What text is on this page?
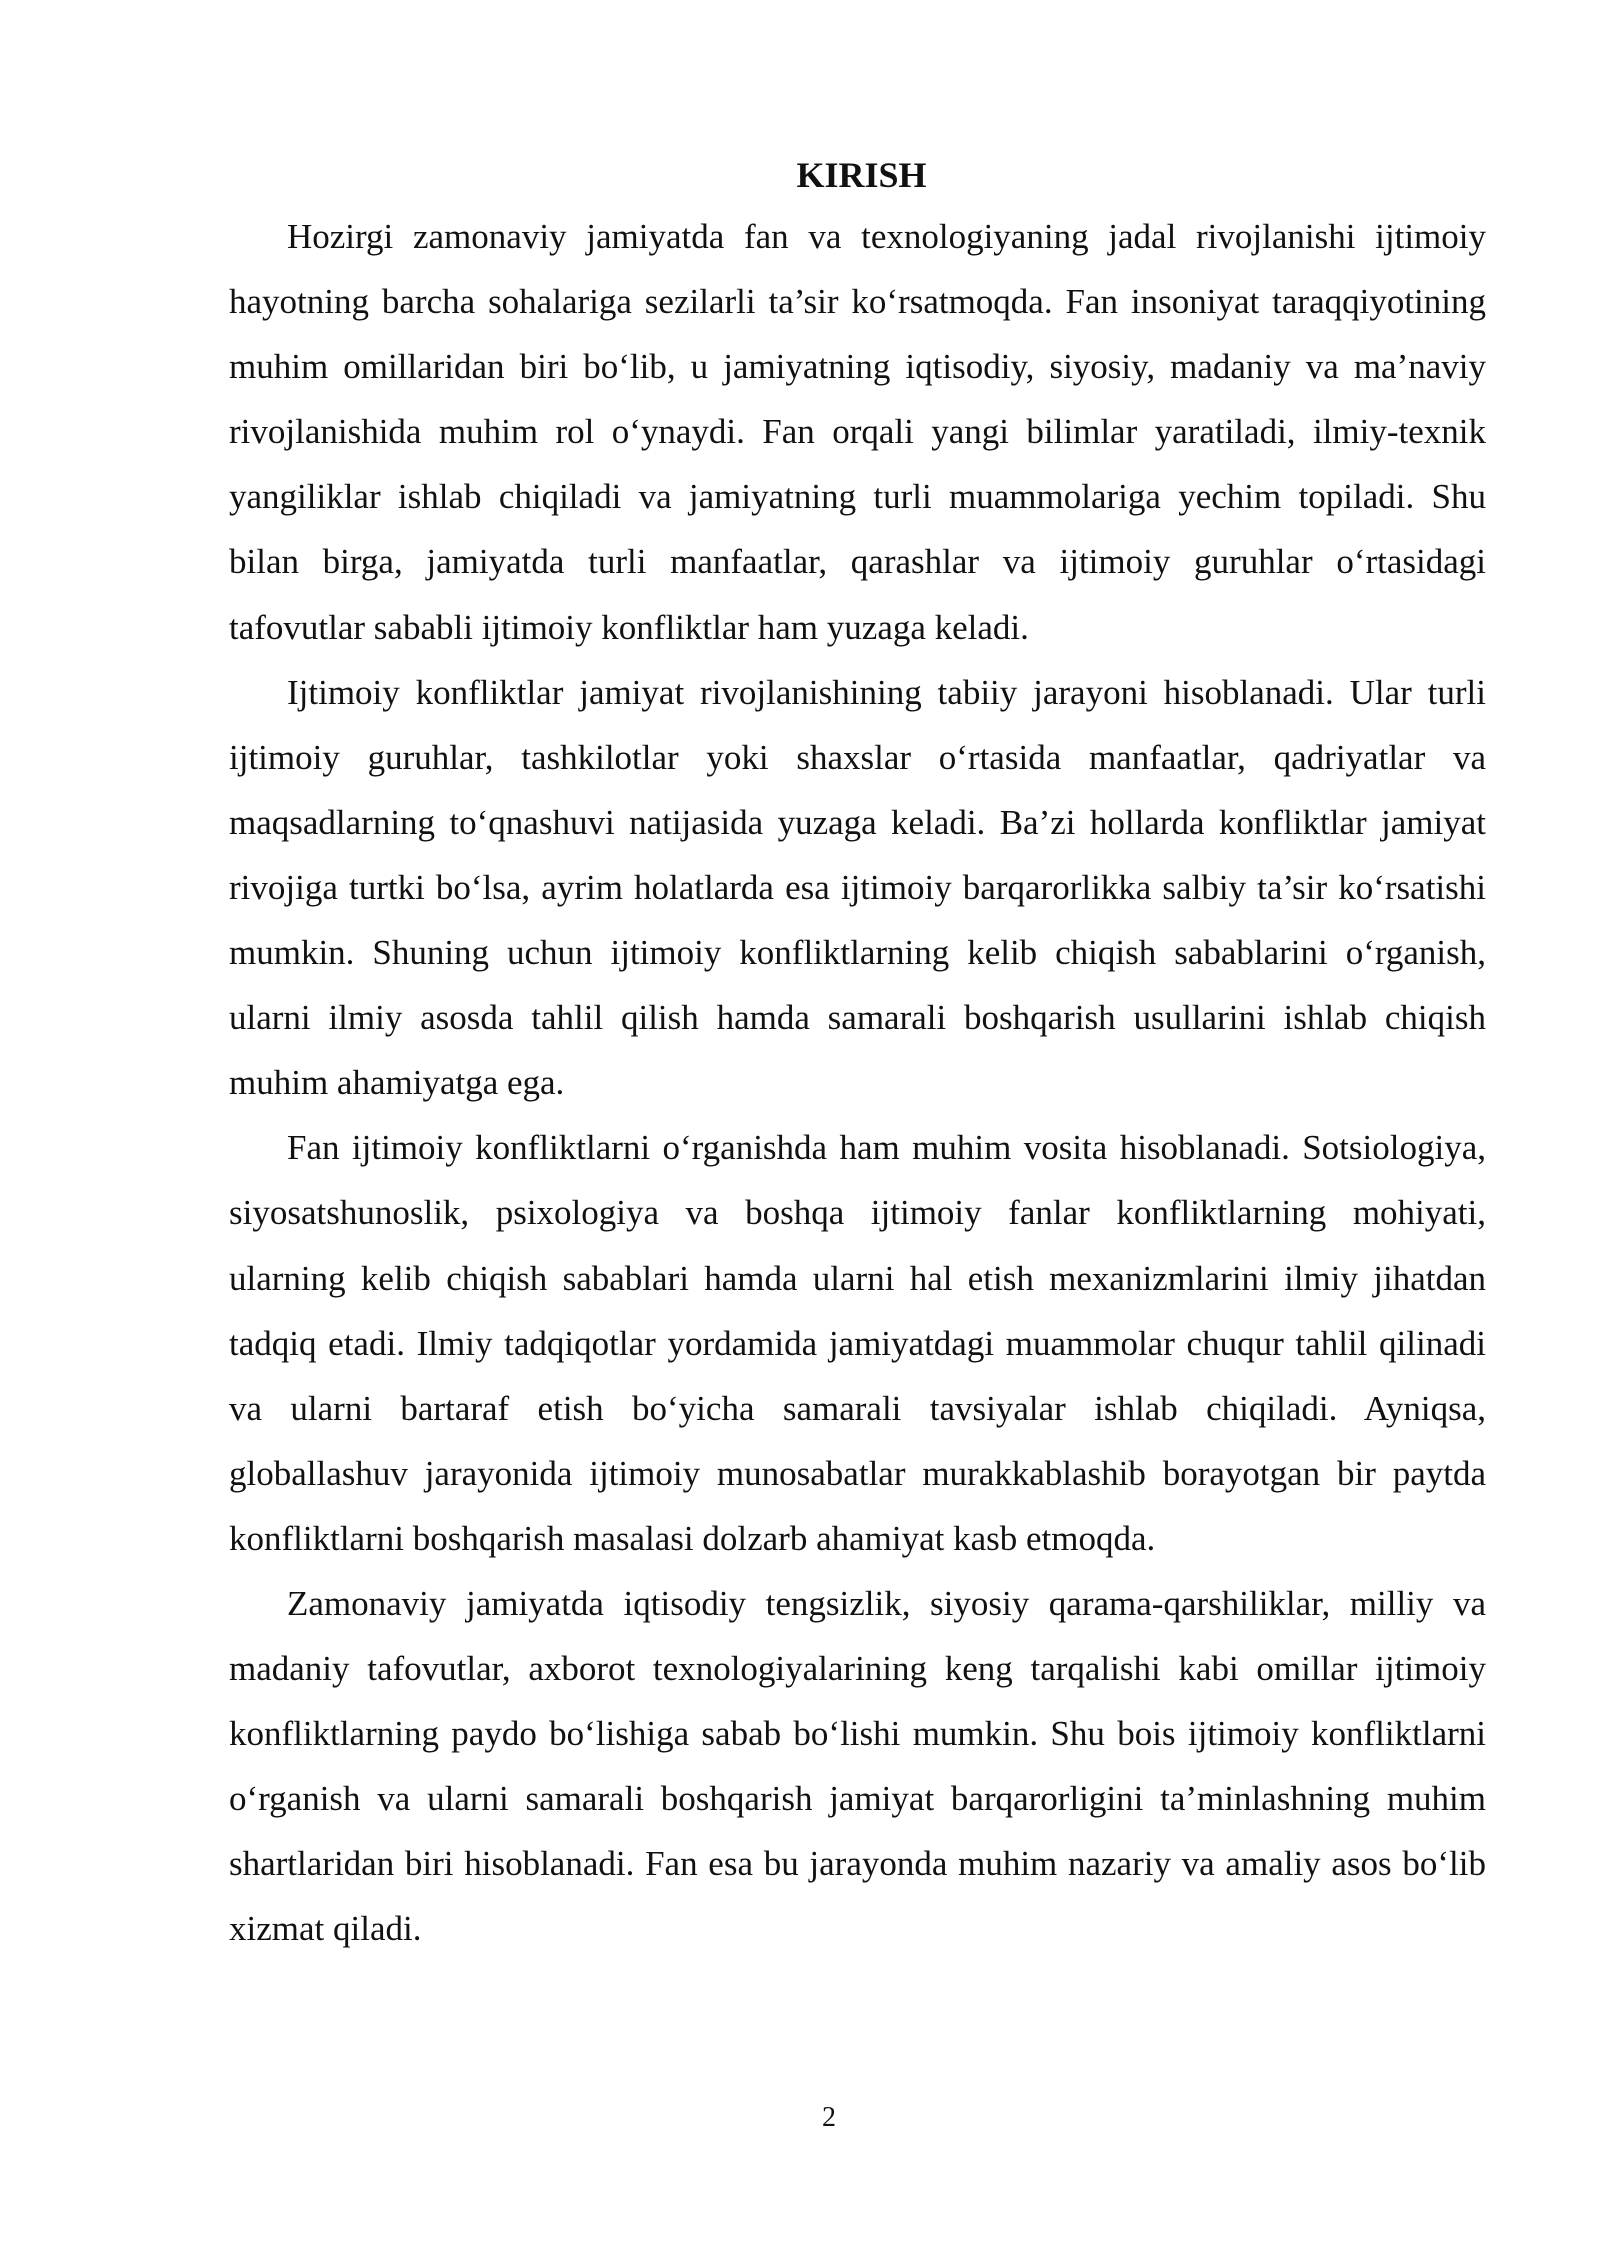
KIRISH

Hozirgi zamonaviy jamiyatda fan va texnologiyaning jadal rivojlanishi ijtimoiy hayotning barcha sohalariga sezilarli ta’sir ko‘rsatmoqda. Fan insoniyat taraqqiyotining muhim omillaridan biri bo‘lib, u jamiyatning iqtisodiy, siyosiy, madaniy va ma’naviy rivojlanishida muhim rol o‘ynaydi. Fan orqali yangi bilimlar yaratiladi, ilmiy-texnik yangiliklar ishlab chiqiladi va jamiyatning turli muammolariga yechim topiladi. Shu bilan birga, jamiyatda turli manfaatlar, qarashlar va ijtimoiy guruhlar o‘rtasidagi tafovutlar sababli ijtimoiy konfliktlar ham yuzaga keladi.

Ijtimoiy konfliktlar jamiyat rivojlanishining tabiiy jarayoni hisoblanadi. Ular turli ijtimoiy guruhlar, tashkilotlar yoki shaxslar o‘rtasida manfaatlar, qadriyatlar va maqsadlarning to‘qnashuvi natijasida yuzaga keladi. Ba’zi hollarda konfliktlar jamiyat rivojiga turtki bo‘lsa, ayrim holatlarda esa ijtimoiy barqarorlikka salbiy ta’sir ko‘rsatishi mumkin. Shuning uchun ijtimoiy konfliktlarning kelib chiqish sabablarini o‘rganish, ularni ilmiy asosda tahlil qilish hamda samarali boshqarish usullarini ishlab chiqish muhim ahamiyatga ega.

Fan ijtimoiy konfliktlarni o‘rganishda ham muhim vosita hisoblanadi. Sotsiologiya, siyosatshunoslik, psixologiya va boshqa ijtimoiy fanlar konfliktlarning mohiyati, ularning kelib chiqish sabablari hamda ularni hal etish mexanizmlarini ilmiy jihatdan tadqiq etadi. Ilmiy tadqiqotlar yordamida jamiyatdagi muammolar chuqur tahlil qilinadi va ularni bartaraf etish bo‘yicha samarali tavsiyalar ishlab chiqiladi. Ayniqsa, globallashuv jarayonida ijtimoiy munosabatlar murakkablashib borayotgan bir paytda konfliktlarni boshqarish masalasi dolzarb ahamiyat kasb etmoqda.

Zamonaviy jamiyatda iqtisodiy tengsizlik, siyosiy qarama-qarshiliklar, milliy va madaniy tafovutlar, axborot texnologiyalarining keng tarqalishi kabi omillar ijtimoiy konfliktlarning paydo bo‘lishiga sabab bo‘lishi mumkin. Shu bois ijtimoiy konfliktlarni o‘rganish va ularni samarali boshqarish jamiyat barqarorligini ta’minlashning muhim shartlaridan biri hisoblanadi. Fan esa bu jarayonda muhim nazariy va amaliy asos bo‘lib xizmat qiladi.

2
